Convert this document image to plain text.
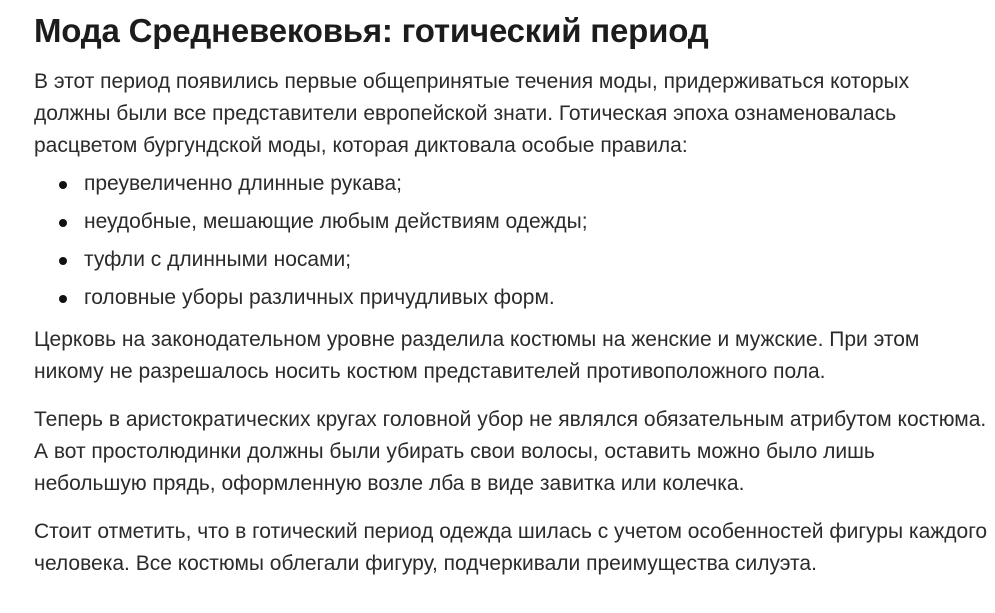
Мода Средневековья: готический период

В этот период появились первые общепринятые течения моды, придерживаться которых должны были все представители европейской знати. Готическая эпоха ознаменовалась расцветом бургундской моды, которая диктовала особые правила:

преувеличенно длинные рукава;
неудобные, мешающие любым действиям одежды;
туфли с длинными носами;
головные уборы различных причудливых форм.

Церковь на законодательном уровне разделила костюмы на женские и мужские. При этом никому не разрешалось носить костюм представителей противоположного пола.

Теперь в аристократических кругах головной убор не являлся обязательным атрибутом костюма. А вот простолюдинки должны были убирать свои волосы, оставить можно было лишь небольшую прядь, оформленную возле лба в виде завитка или колечка.

Стоит отметить, что в готический период одежда шилась с учетом особенностей фигуры каждого человека. Все костюмы облегали фигуру, подчеркивали преимущества силуэта.
